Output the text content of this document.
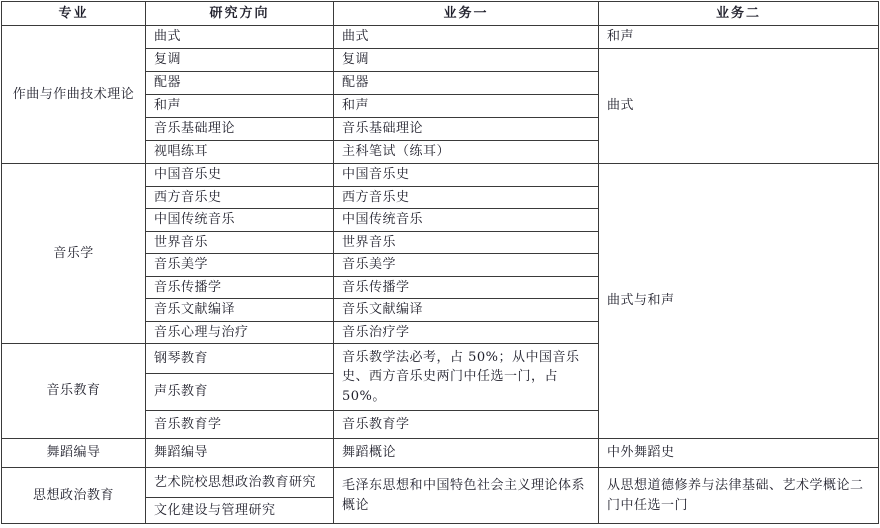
专业	研究方向	业务一	业务二
作曲与作曲技术理论	曲式	曲式	和声
	复调	复调	曲式
	配器	配器	
	和声	和声	
	音乐基础理论	音乐基础理论	
	视唱练耳	主科笔试（练耳）	
音乐学	中国音乐史	中国音乐史	曲式与和声
	西方音乐史	西方音乐史	
	中国传统音乐	中国传统音乐	
	世界音乐	世界音乐	
	音乐美学	音乐美学	
	音乐传播学	音乐传播学	
	音乐文献编译	音乐文献编译	
	音乐心理与治疗	音乐治疗学	
音乐教育	钢琴教育	音乐教学法必考，占 50%；从中国音乐史、西方音乐史两门中任选一门，占 50%。	
	声乐教育		
	音乐教育学	音乐教育学	
舞蹈编导	舞蹈编导	舞蹈概论	中外舞蹈史
思想政治教育	艺术院校思想政治教育研究	毛泽东思想和中国特色社会主义理论体系概论	从思想道德修养与法律基础、艺术学概论二门中任选一门
	文化建设与管理研究		
